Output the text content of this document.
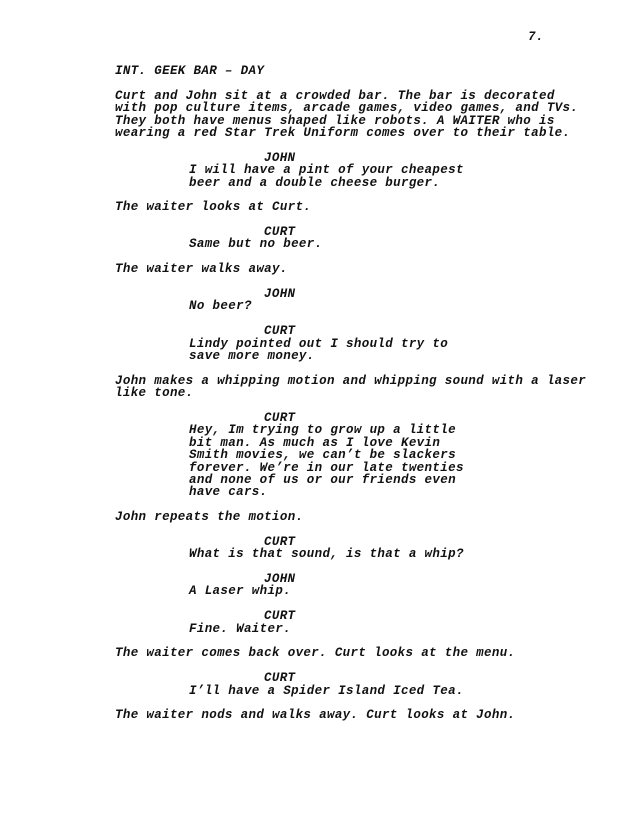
7.
INT. GEEK BAR – DAY
Curt and John sit at a crowded bar. The bar is decorated
with pop culture items, arcade games, video games, and TVs.
They both have menus shaped like robots. A WAITER who is
wearing a red Star Trek Uniform comes over to their table.
JOHN
I will have a pint of your cheapest
beer and a double cheese burger.
The waiter looks at Curt.
CURT
Same but no beer.
The waiter walks away.
JOHN
No beer?
CURT
Lindy pointed out I should try to
save more money.
John makes a whipping motion and whipping sound with a laser
like tone.
CURT
Hey, Im trying to grow up a little
bit man. As much as I love Kevin
Smith movies, we can’t be slackers
forever. We’re in our late twenties
and none of us or our friends even
have cars.
John repeats the motion.
CURT
What is that sound, is that a whip?
JOHN
A Laser whip.
CURT
Fine. Waiter.
The waiter comes back over. Curt looks at the menu.
CURT
I’ll have a Spider Island Iced Tea.
The waiter nods and walks away. Curt looks at John.
